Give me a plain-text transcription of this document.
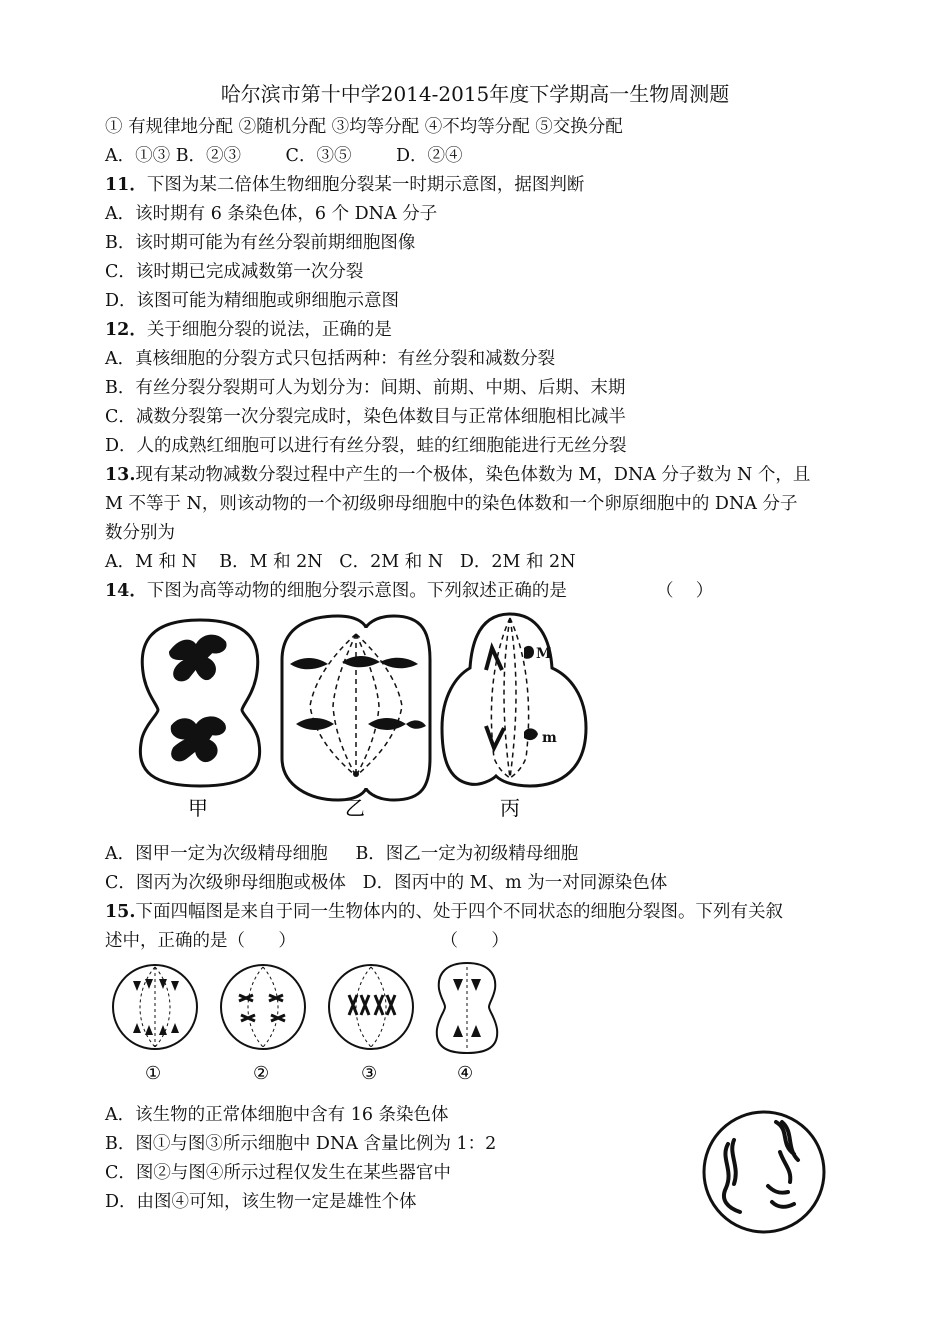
哈尔滨市第十中学2014-2015年度下学期高一生物周测题
① 有规律地分配 ②随机分配 ③均等分配 ④不均等分配 ⑤交换分配
A．①③ B．②③        C．③⑤        D．②④
11．下图为某二倍体生物细胞分裂某一时期示意图，据图判断
A．该时期有 6 条染色体，6 个 DNA 分子
B．该时期可能为有丝分裂前期细胞图像
C．该时期已完成减数第一次分裂
D．该图可能为精细胞或卵细胞示意图
12．关于细胞分裂的说法，正确的是
A．真核细胞的分裂方式只包括两种：有丝分裂和减数分裂
B．有丝分裂分裂期可人为划分为：间期、前期、中期、后期、末期
C．减数分裂第一次分裂完成时，染色体数目与正常体细胞相比减半
D．人的成熟红细胞可以进行有丝分裂，蛙的红细胞能进行无丝分裂
13.现有某动物减数分裂过程中产生的一个极体，染色体数为 M，DNA 分子数为 N 个，且
M 不等于 N，则该动物的一个初级卵母细胞中的染色体数和一个卵原细胞中的 DNA 分子
数分别为
A．M 和 N    B．M 和 2N   C．2M 和 N   D．2M 和 2N
14．下图为高等动物的细胞分裂示意图。下列叙述正确的是	（    ）
甲	乙
M
m
丙
A．图甲一定为次级精母细胞     B．图乙一定为初级精母细胞
C．图丙为次级卵母细胞或极体   D．图丙中的 M、m 为一对同源染色体
15.下面四幅图是来自于同一生物体内的、处于四个不同状态的细胞分裂图。下列有关叙
述中，正确的是（      ）                          （      ）
①	②	③	④
A．该生物的正常体细胞中含有 16 条染色体
B．图①与图③所示细胞中 DNA 含量比例为 1：2
C．图②与图④所示过程仅发生在某些器官中
D．由图④可知，该生物一定是雄性个体
